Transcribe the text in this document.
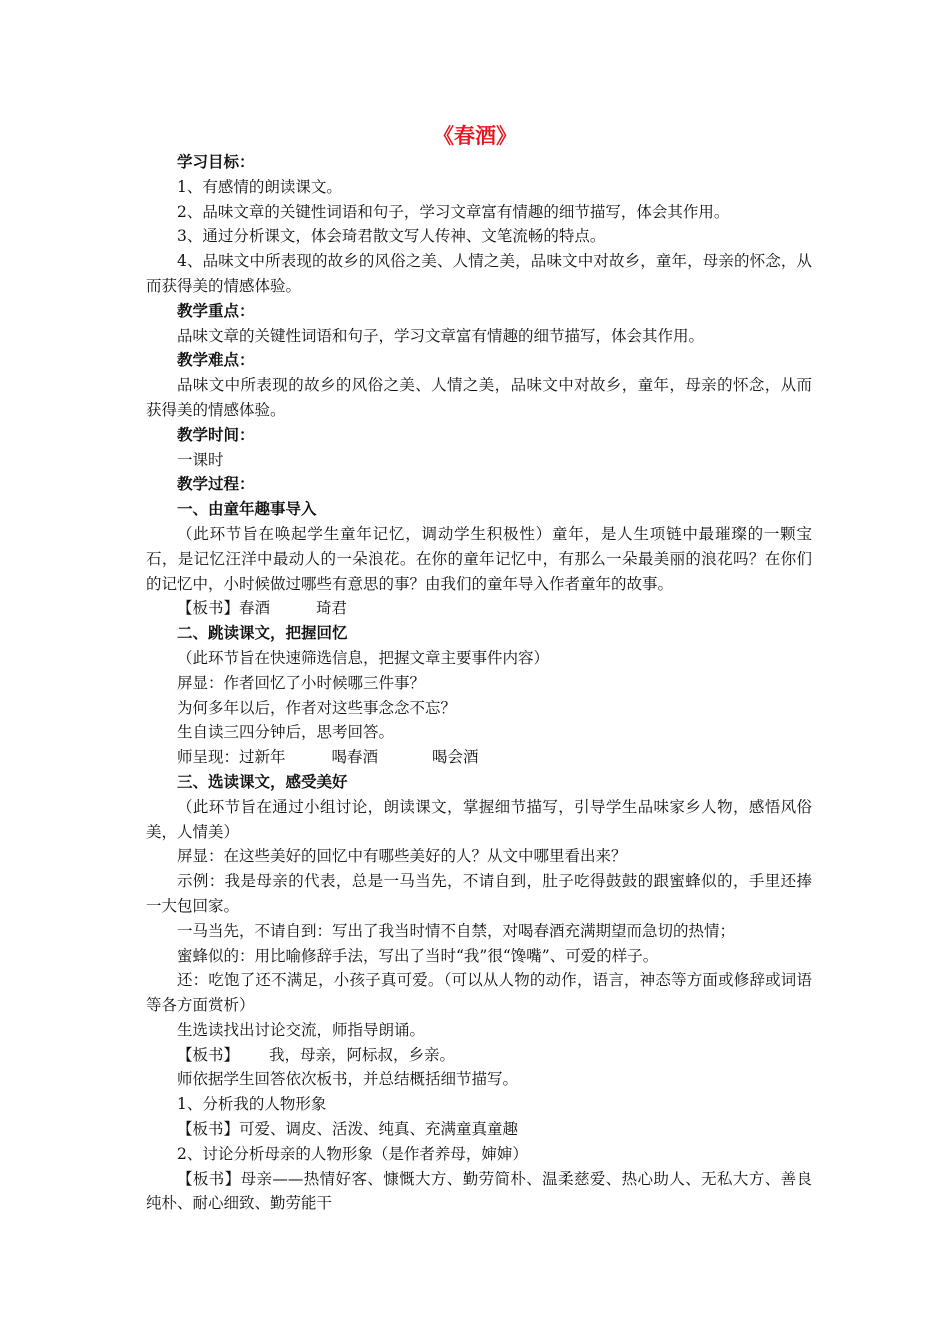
《春酒》

学习目标：

1、有感情的朗读课文。

2、品味文章的关键性词语和句子，学习文章富有情趣的细节描写，体会其作用。

3、通过分析课文，体会琦君散文写人传神、文笔流畅的特点。

4、品味文中所表现的故乡的风俗之美、人情之美，品味文中对故乡，童年，母亲的怀念，从而获得美的情感体验。

教学重点：

品味文章的关键性词语和句子，学习文章富有情趣的细节描写，体会其作用。

教学难点：

品味文中所表现的故乡的风俗之美、人情之美，品味文中对故乡，童年，母亲的怀念，从而获得美的情感体验。

教学时间：

一课时

教学过程：

一、由童年趣事导入

（此环节旨在唤起学生童年记忆，调动学生积极性）童年，是人生项链中最璀璨的一颗宝石，是记忆汪洋中最动人的一朵浪花。在你的童年记忆中，有那么一朵最美丽的浪花吗？在你们的记忆中，小时候做过哪些有意思的事？由我们的童年导入作者童年的故事。

【板书】春酒	琦君

二、跳读课文，把握回忆

（此环节旨在快速筛选信息，把握文章主要事件内容）

屏显：作者回忆了小时候哪三件事？

为何多年以后，作者对这些事念念不忘？

生自读三四分钟后，思考回答。

师呈现：过新年	喝春酒	喝会酒

三、选读课文，感受美好

（此环节旨在通过小组讨论，朗读课文，掌握细节描写，引导学生品味家乡人物，感悟风俗美，人情美）

屏显：在这些美好的回忆中有哪些美好的人？从文中哪里看出来？

示例：我是母亲的代表，总是一马当先，不请自到，肚子吃得鼓鼓的跟蜜蜂似的，手里还捧一大包回家。

一马当先，不请自到：写出了我当时情不自禁，对喝春酒充满期望而急切的热情；

蜜蜂似的：用比喻修辞手法，写出了当时“我”很“馋嘴”、可爱的样子。

还：吃饱了还不满足，小孩子真可爱。（可以从人物的动作，语言，神态等方面或修辞或词语等各方面赏析）

生选读找出讨论交流，师指导朗诵。

【板书】 我，母亲，阿标叔，乡亲。

师依据学生回答依次板书，并总结概括细节描写。

1、分析我的人物形象

【板书】可爱、调皮、活泼、纯真、充满童真童趣

2、讨论分析母亲的人物形象（是作者养母，婶婶）

【板书】母亲——热情好客、慷慨大方、勤劳简朴、温柔慈爱、热心助人、无私大方、善良纯朴、耐心细致、勤劳能干
